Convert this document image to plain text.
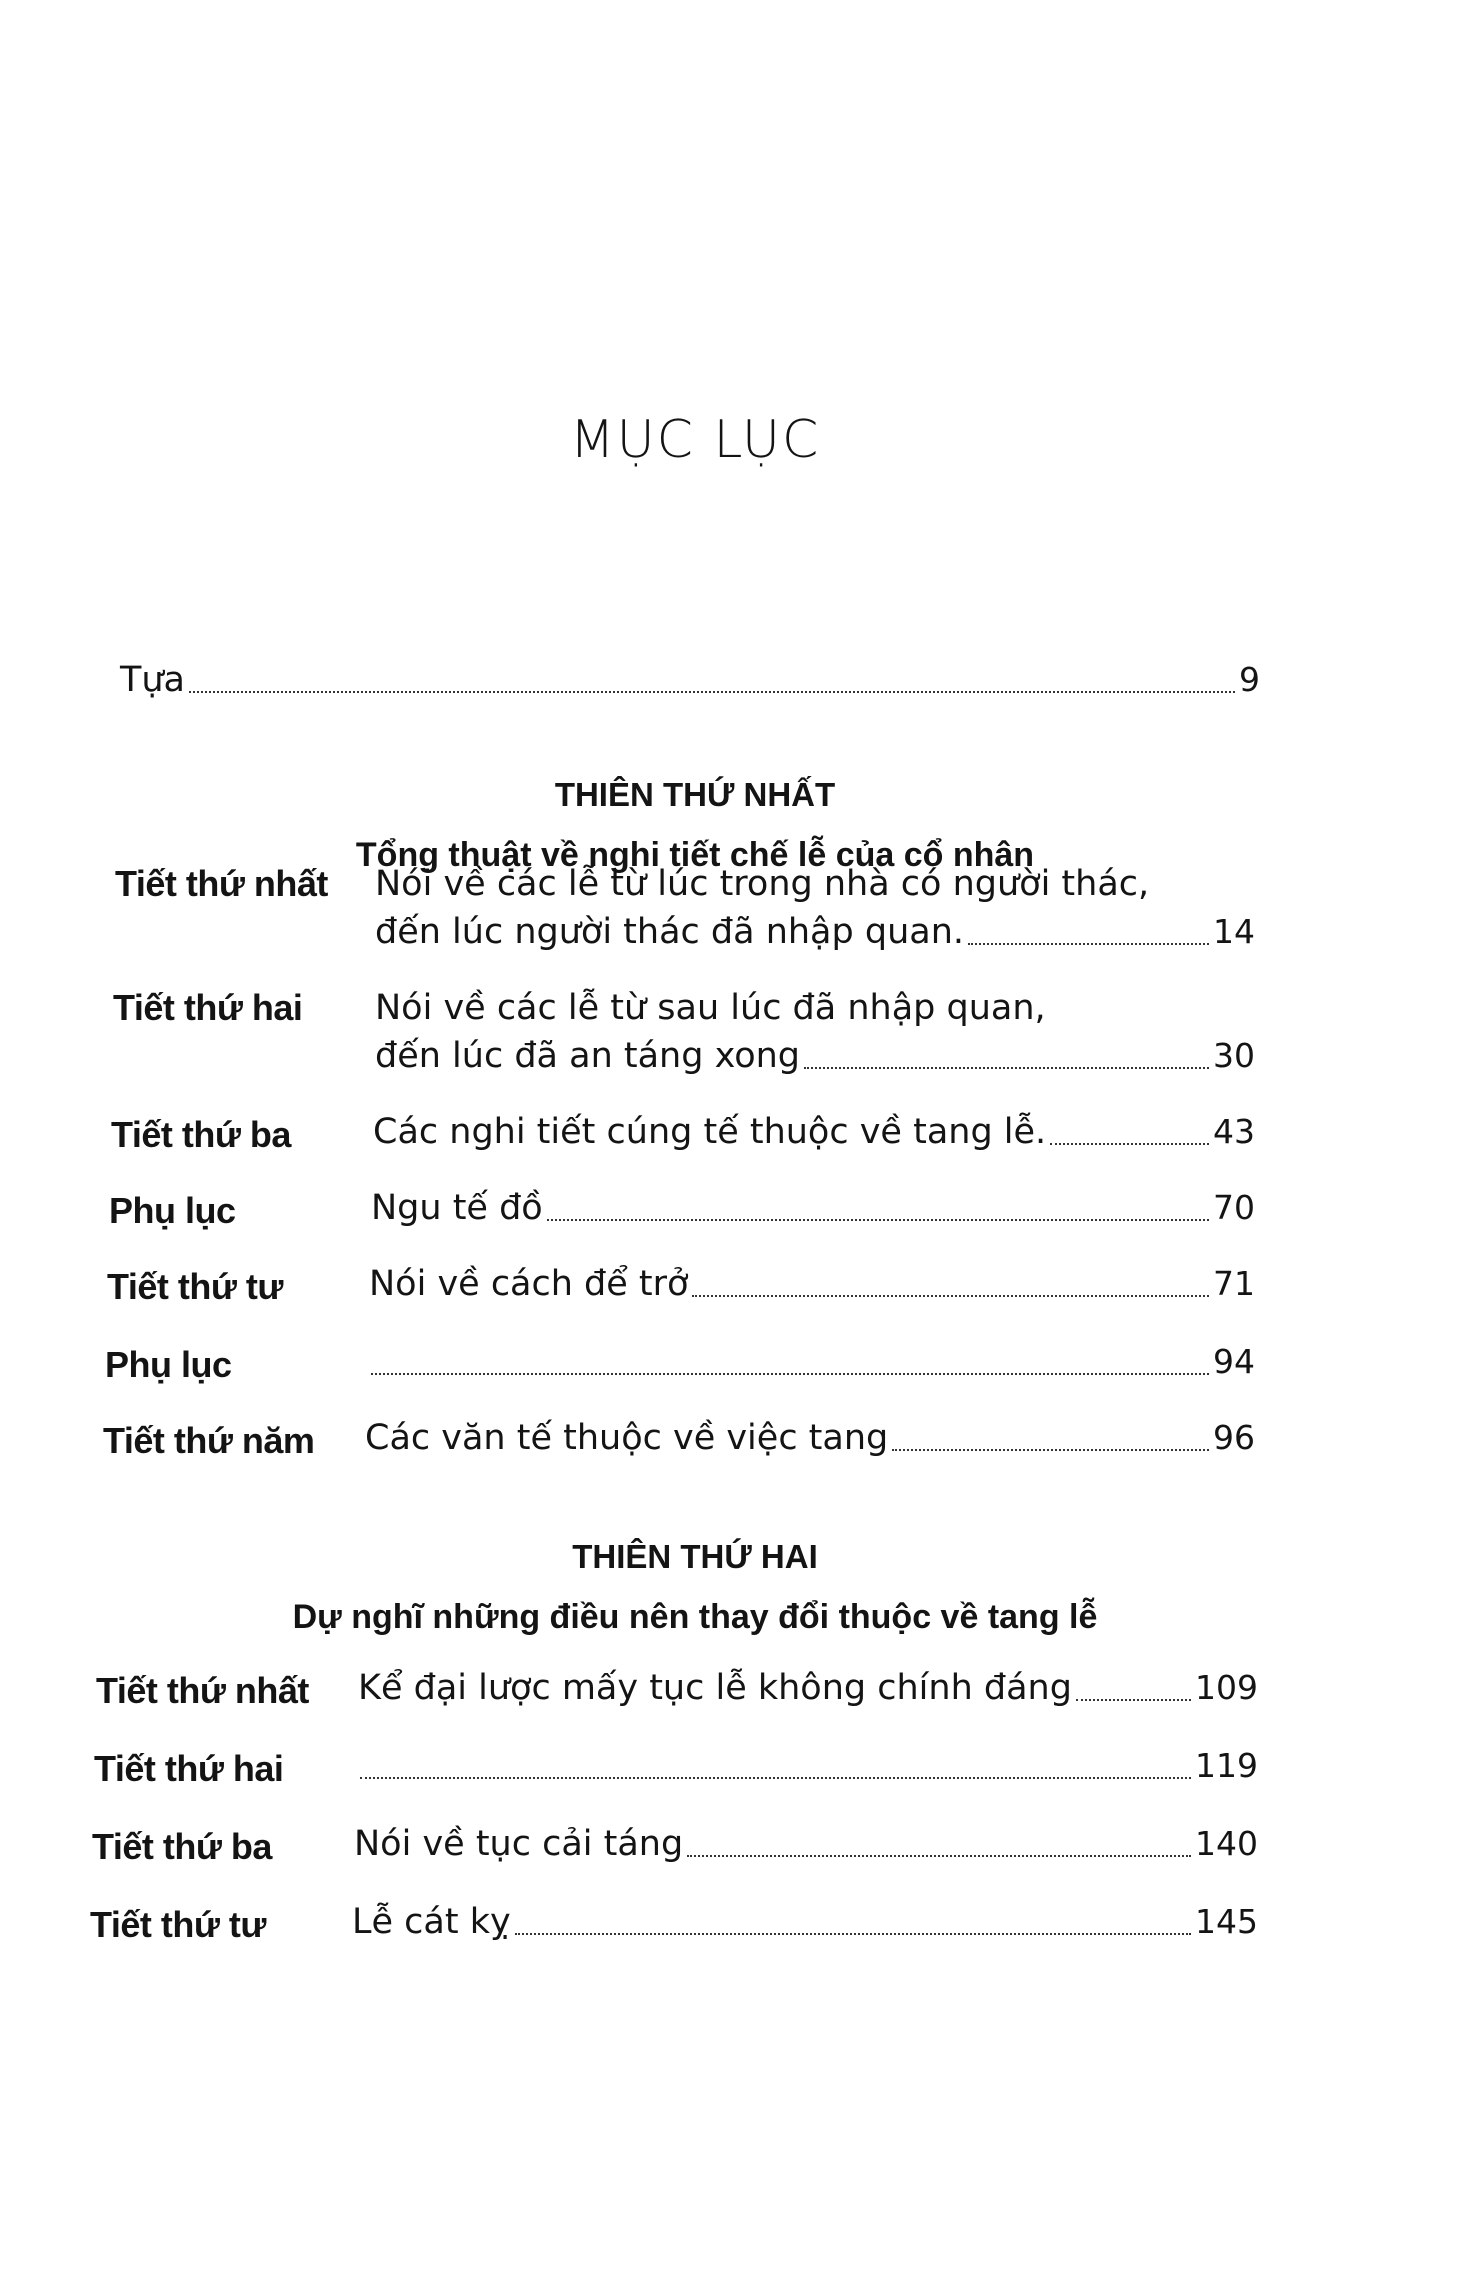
MỤC LỤC
Tựa	9
THIÊN THỨ NHẤT
Tổng thuật về nghi tiết chế lễ của cổ nhân
Tiết thứ nhất	Nói về các lễ từ lúc trong nhà có người thác,
đến lúc người thác đã nhập quan.	14
Tiết thứ hai	Nói về các lễ từ sau lúc đã nhập quan,
đến lúc đã an táng xong	30
Tiết thứ ba	Các nghi tiết cúng tế thuộc về tang lễ.	43
Phụ lục	Ngu tế đồ	70
Tiết thứ tư	Nói về cách để trở	71
Phụ lục	94
Tiết thứ năm	Các văn tế thuộc về việc tang	96
THIÊN THỨ HAI
Dự nghĩ những điều nên thay đổi thuộc về tang lễ
Tiết thứ nhất	Kể đại lược mấy tục lễ không chính đáng	109
Tiết thứ hai	119
Tiết thứ ba	Nói về tục cải táng	140
Tiết thứ tư	Lễ cát kỵ	145
